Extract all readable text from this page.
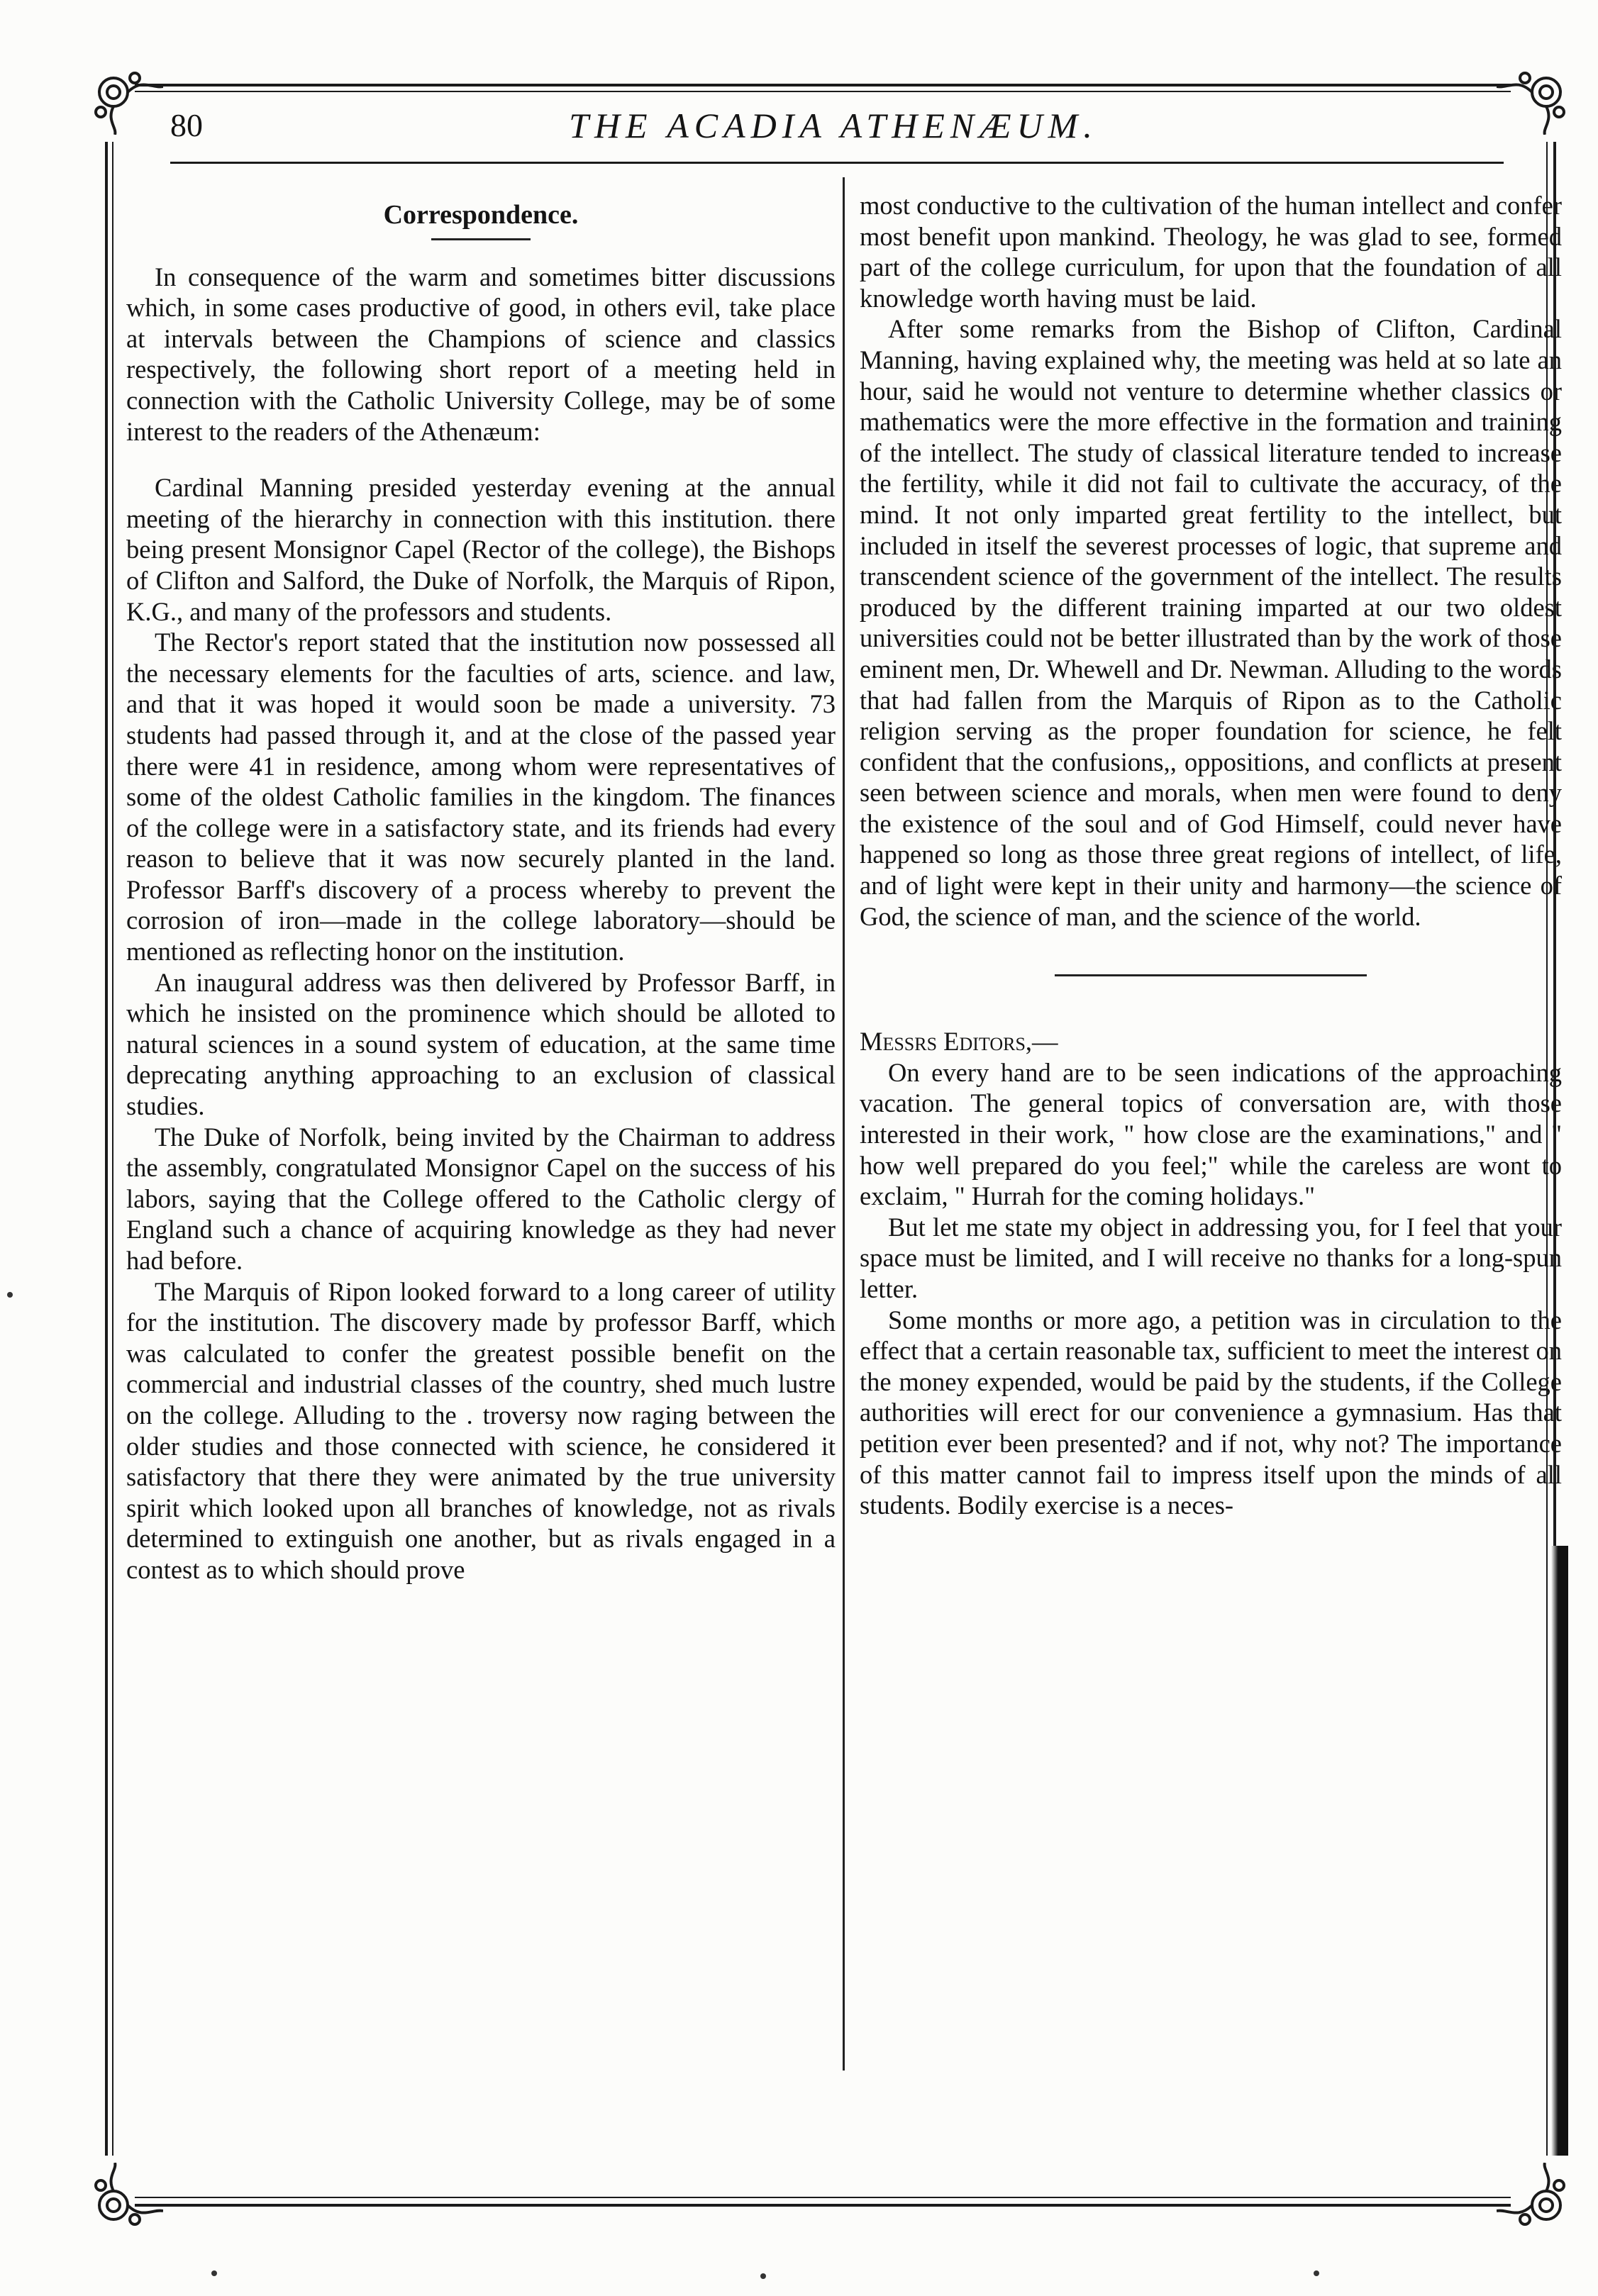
80	THE ACADIA ATHENÆUM.

Correspondence.

In consequence of the warm and sometimes bitter discussions which, in some cases productive of good, in others evil, take place at intervals between the Champions of science and classics respectively, the following short report of a meeting held in connection with the Catholic University College, may be of some interest to the readers of the Athenæum:

Cardinal Manning presided yesterday evening at the annual meeting of the hierarchy in connection with this institution. there being present Monsignor Capel (Rector of the college), the Bishops of Clifton and Salford, the Duke of Norfolk, the Marquis of Ripon, K.G., and many of the professors and students.

The Rector's report stated that the institution now possessed all the necessary elements for the faculties of arts, science. and law, and that it was hoped it would soon be made a university. 73 students had passed through it, and at the close of the passed year there were 41 in residence, among whom were representatives of some of the oldest Catholic families in the kingdom. The finances of the college were in a satisfactory state, and its friends had every reason to believe that it was now securely planted in the land. Professor Barff's discovery of a process whereby to prevent the corrosion of iron—made in the college laboratory—should be mentioned as reflecting honor on the institution.

An inaugural address was then delivered by Professor Barff, in which he insisted on the prominence which should be alloted to natural sciences in a sound system of education, at the same time deprecating anything approaching to an exclusion of classical studies.

The Duke of Norfolk, being invited by the Chairman to address the assembly, congratulated Monsignor Capel on the success of his labors, saying that the College offered to the Catholic clergy of England such a chance of acquiring knowledge as they had never had before.

The Marquis of Ripon looked forward to a long career of utility for the institution. The discovery made by professor Barff, which was calculated to confer the greatest possible benefit on the commercial and industrial classes of the country, shed much lustre on the college. Alluding to the . troversy now raging between the older studies and those connected with science, he considered it satisfactory that there they were animated by the true university spirit which looked upon all branches of knowledge, not as rivals determined to extinguish one another, but as rivals engaged in a contest as to which should prove

most conductive to the cultivation of the human intellect and confer most benefit upon mankind. Theology, he was glad to see, formed part of the college curriculum, for upon that the foundation of all knowledge worth having must be laid.

After some remarks from the Bishop of Clifton, Cardinal Manning, having explained why, the meeting was held at so late an hour, said he would not venture to determine whether classics or mathematics were the more effective in the formation and training of the intellect. The study of classical literature tended to increase the fertility, while it did not fail to cultivate the accuracy, of the mind. It not only imparted great fertility to the intellect, but included in itself the severest processes of logic, that supreme and transcendent science of the government of the intellect. The results produced by the different training imparted at our two oldest universities could not be better illustrated than by the work of those eminent men, Dr. Whewell and Dr. Newman. Alluding to the words that had fallen from the Marquis of Ripon as to the Catholic religion serving as the proper foundation for science, he felt confident that the confusions,, oppositions, and conflicts at present seen between science and morals, when men were found to deny the existence of the soul and of God Himself, could never have happened so long as those three great regions of intellect, of life, and of light were kept in their unity and harmony—the science of God, the science of man, and the science of the world.

Messrs Editors,—

On every hand are to be seen indications of the approaching vacation. The general topics of conversation are, with those interested in their work, " how close are the examinations," and " how well prepared do you feel;" while the careless are wont to exclaim, " Hurrah for the coming holidays."

But let me state my object in addressing you, for I feel that your space must be limited, and I will receive no thanks for a long-spun letter.

Some months or more ago, a petition was in circulation to the effect that a certain reasonable tax, sufficient to meet the interest on the money expended, would be paid by the students, if the College authorities will erect for our convenience a gymnasium. Has that petition ever been presented? and if not, why not? The importance of this matter cannot fail to impress itself upon the minds of all students. Bodily exercise is a neces-
